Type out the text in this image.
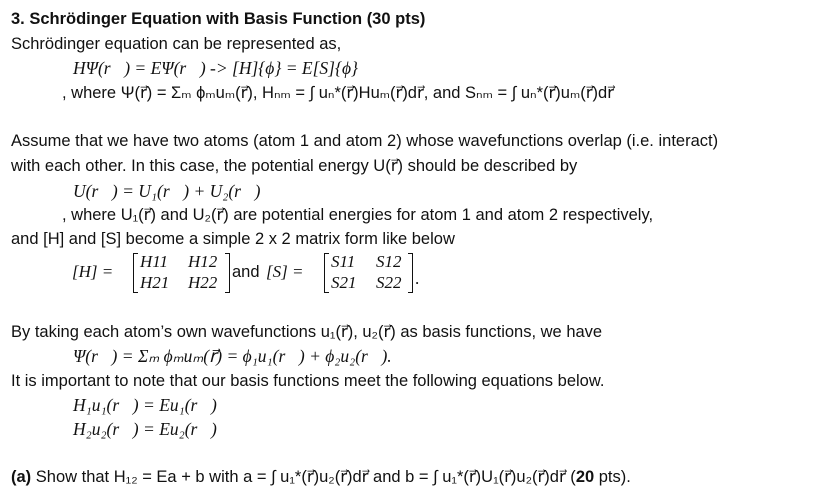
3. Schrödinger Equation with Basis Function (30 pts)
Schrödinger equation can be represented as,
HΨ(r⃗) = EΨ(r⃗) -> [H]{ϕ} = E[S]{ϕ}
, where Ψ(r⃗) = Σₘ ϕₘuₘ(r⃗), Hₙₘ = ∫ uₙ*(r⃗)Huₘ(r⃗)dr⃗, and Sₙₘ = ∫ uₙ*(r⃗)uₘ(r⃗)dr⃗
Assume that we have two atoms (atom 1 and atom 2) whose wavefunctions overlap (i.e. interact)
with each other. In this case, the potential energy U(r⃗) should be described by
U(r⃗) = U₁(r⃗) + U₂(r⃗)
, where U₁(r⃗) and U₂(r⃗) are potential energies for atom 1 and atom 2 respectively,
and [H] and [S] become a simple 2 x 2 matrix form like below
[H] =
H11 H12
H21 H22
and [S] =
S11 S12
S21 S22 .
By taking each atom’s own wavefunctions u₁(r⃗), u₂(r⃗) as basis functions, we have
Ψ(r⃗) = Σₘ ϕₘuₘ(r⃗) = ϕ₁u₁(r⃗) + ϕ₂u₂(r⃗).
It is important to note that our basis functions meet the following equations below.
H₁u₁(r⃗) = Eu₁(r⃗)
H₂u₂(r⃗) = Eu₂(r⃗)
(a) Show that H₁₂ = Ea + b with a = ∫ u₁*(r⃗)u₂(r⃗)dr⃗ and b = ∫ u₁*(r⃗)U₁(r⃗)u₂(r⃗)dr⃗ (20 pts).
